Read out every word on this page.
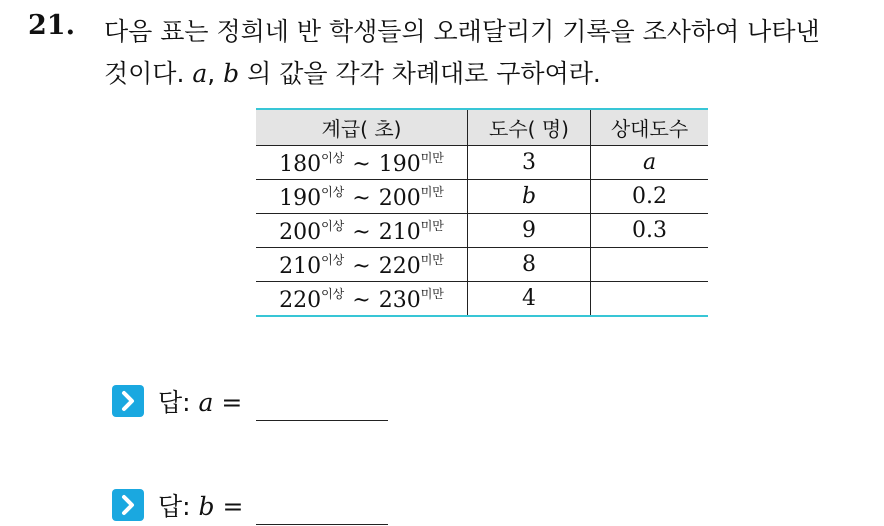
21. 다음 표는 정희네 반 학생들의 오래달리기 기록을 조사하여 나타낸
것이다. a, b 의 값을 각각 차례대로 구하여라.
계급( 초)	도수( 명)	상대도수
$180^{이상}$ ~ $190^{미만}$	3	a
$190^{이상}$ ~ $200^{미만}$	b	0.2
$200^{이상}$ ~ $210^{미만}$	9	0.3
$210^{이상}$ ~ $220^{미만}$	8	
$220^{이상}$ ~ $230^{미만}$	4	
답: a =
답: b =
